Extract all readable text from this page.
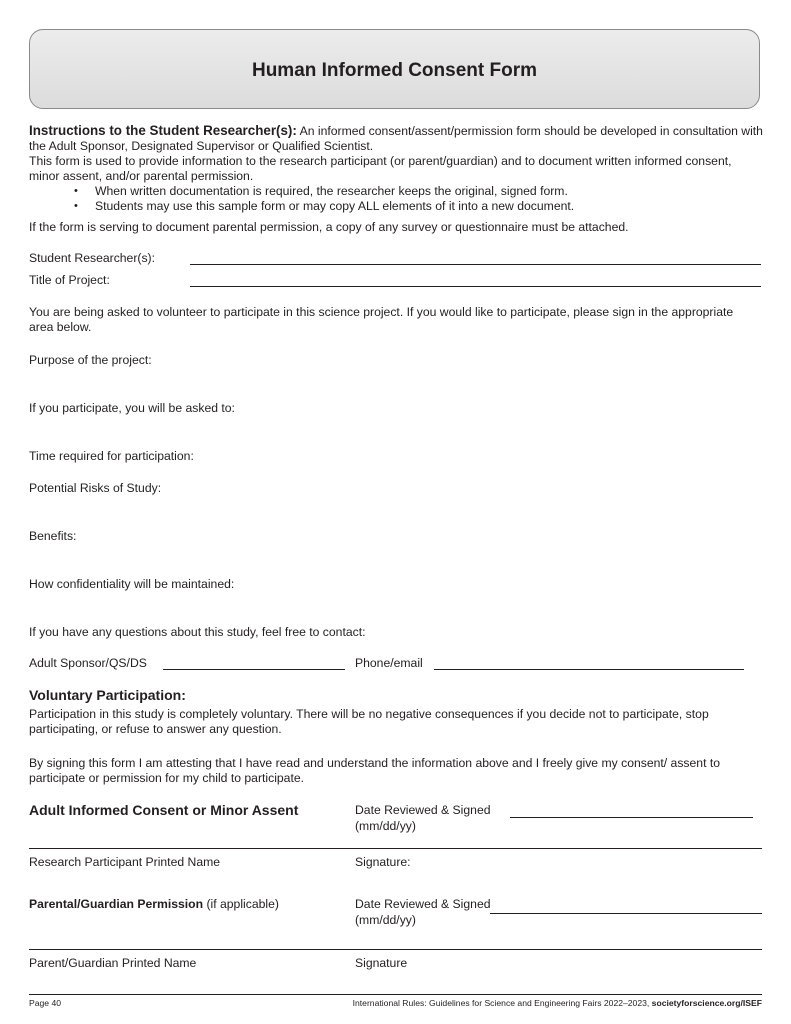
Human Informed Consent Form
Instructions to the Student Researcher(s): An informed consent/assent/permission form should be developed in consultation with the Adult Sponsor, Designated Supervisor or Qualified Scientist.
This form is used to provide information to the research participant (or parent/guardian) and to document written informed consent, minor assent, and/or parental permission.
• When written documentation is required, the researcher keeps the original, signed form.
• Students may use this sample form or may copy ALL elements of it into a new document.
If the form is serving to document parental permission, a copy of any survey or questionnaire must be attached.
Student Researcher(s):
Title of Project:
You are being asked to volunteer to participate in this science project. If you would like to participate, please sign in the appropriate area below.
Purpose of the project:
If you participate, you will be asked to:
Time required for participation:
Potential Risks of Study:
Benefits:
How confidentiality will be maintained:
If you have any questions about this study, feel free to contact:
Adult Sponsor/QS/DS	Phone/email
Voluntary Participation:
Participation in this study is completely voluntary. There will be no negative consequences if you decide not to participate, stop participating, or refuse to answer any question.
By signing this form I am attesting that I have read and understand the information above and I freely give my consent/ assent to participate or permission for my child to participate.
Adult Informed Consent or Minor Assent	Date Reviewed & Signed
(mm/dd/yy)
Research Participant Printed Name	Signature:
Parental/Guardian Permission (if applicable)	Date Reviewed & Signed
(mm/dd/yy)
Parent/Guardian Printed Name	Signature
Page 40	International Rules: Guidelines for Science and Engineering Fairs 2022–2023, societyforscience.org/ISEF
